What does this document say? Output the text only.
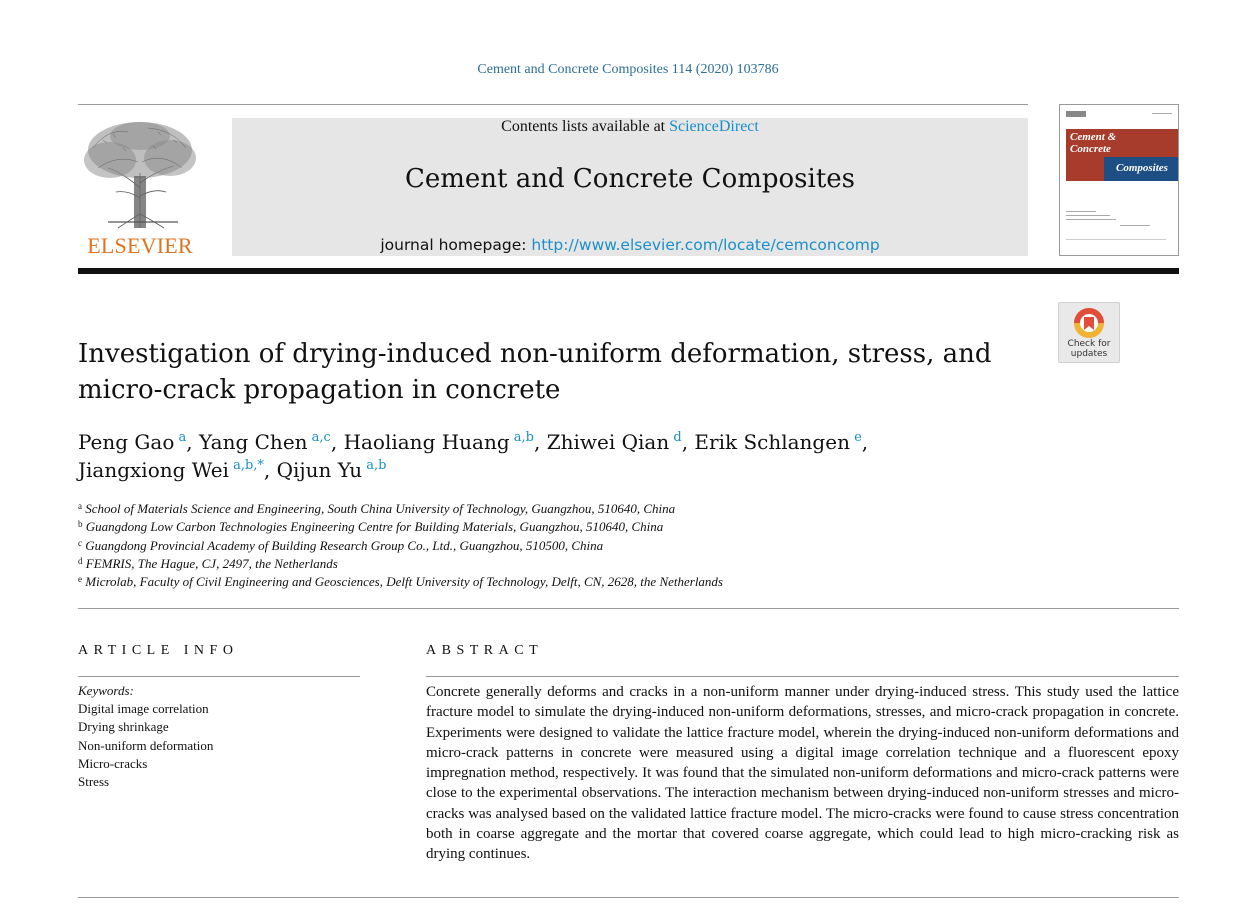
Cement and Concrete Composites 114 (2020) 103786
ELSEVIER
Contents lists available at ScienceDirect
Cement and Concrete Composites
journal homepage: http://www.elsevier.com/locate/cemconcomp
Cement &
Concrete
Composites
Check for
updates
Investigation of drying-induced non-uniform deformation, stress, and
micro-crack propagation in concrete
Peng Gao $^a$, Yang Chen $^{a,c}$, Haoliang Huang $^{a,b}$, Zhiwei Qian $^d$, Erik Schlangen $^e$,
Jiangxiong Wei $^{a,b,*}$, Qijun Yu $^{a,b}$
$^a$ School of Materials Science and Engineering, South China University of Technology, Guangzhou, 510640, China
$^b$ Guangdong Low Carbon Technologies Engineering Centre for Building Materials, Guangzhou, 510640, China
$^c$ Guangdong Provincial Academy of Building Research Group Co., Ltd., Guangzhou, 510500, China
$^d$ FEMRIS, The Hague, CJ, 2497, the Netherlands
$^e$ Microlab, Faculty of Civil Engineering and Geosciences, Delft University of Technology, Delft, CN, 2628, the Netherlands
ARTICLE INFO	ABSTRACT
Keywords:
Digital image correlation
Drying shrinkage
Non-uniform deformation
Micro-cracks
Stress

Concrete generally deforms and cracks in a non-uniform manner under drying-induced stress. This study used the lattice fracture model to simulate the drying-induced non-uniform deformations, stresses, and micro-crack propagation in concrete. Experiments were designed to validate the lattice fracture model, wherein the drying-induced non-uniform deformations and micro-crack patterns in concrete were measured using a digital image correlation technique and a fluorescent epoxy impregnation method, respectively. It was found that the simulated non-uniform deformations and micro-crack patterns were close to the experimental observations. The interaction mechanism between drying-induced non-uniform stresses and micro-cracks was analysed based on the validated lattice fracture model. The micro-cracks were found to cause stress concentration both in coarse aggregate and the mortar that covered coarse aggregate, which could lead to high micro-cracking risk as drying continues.
